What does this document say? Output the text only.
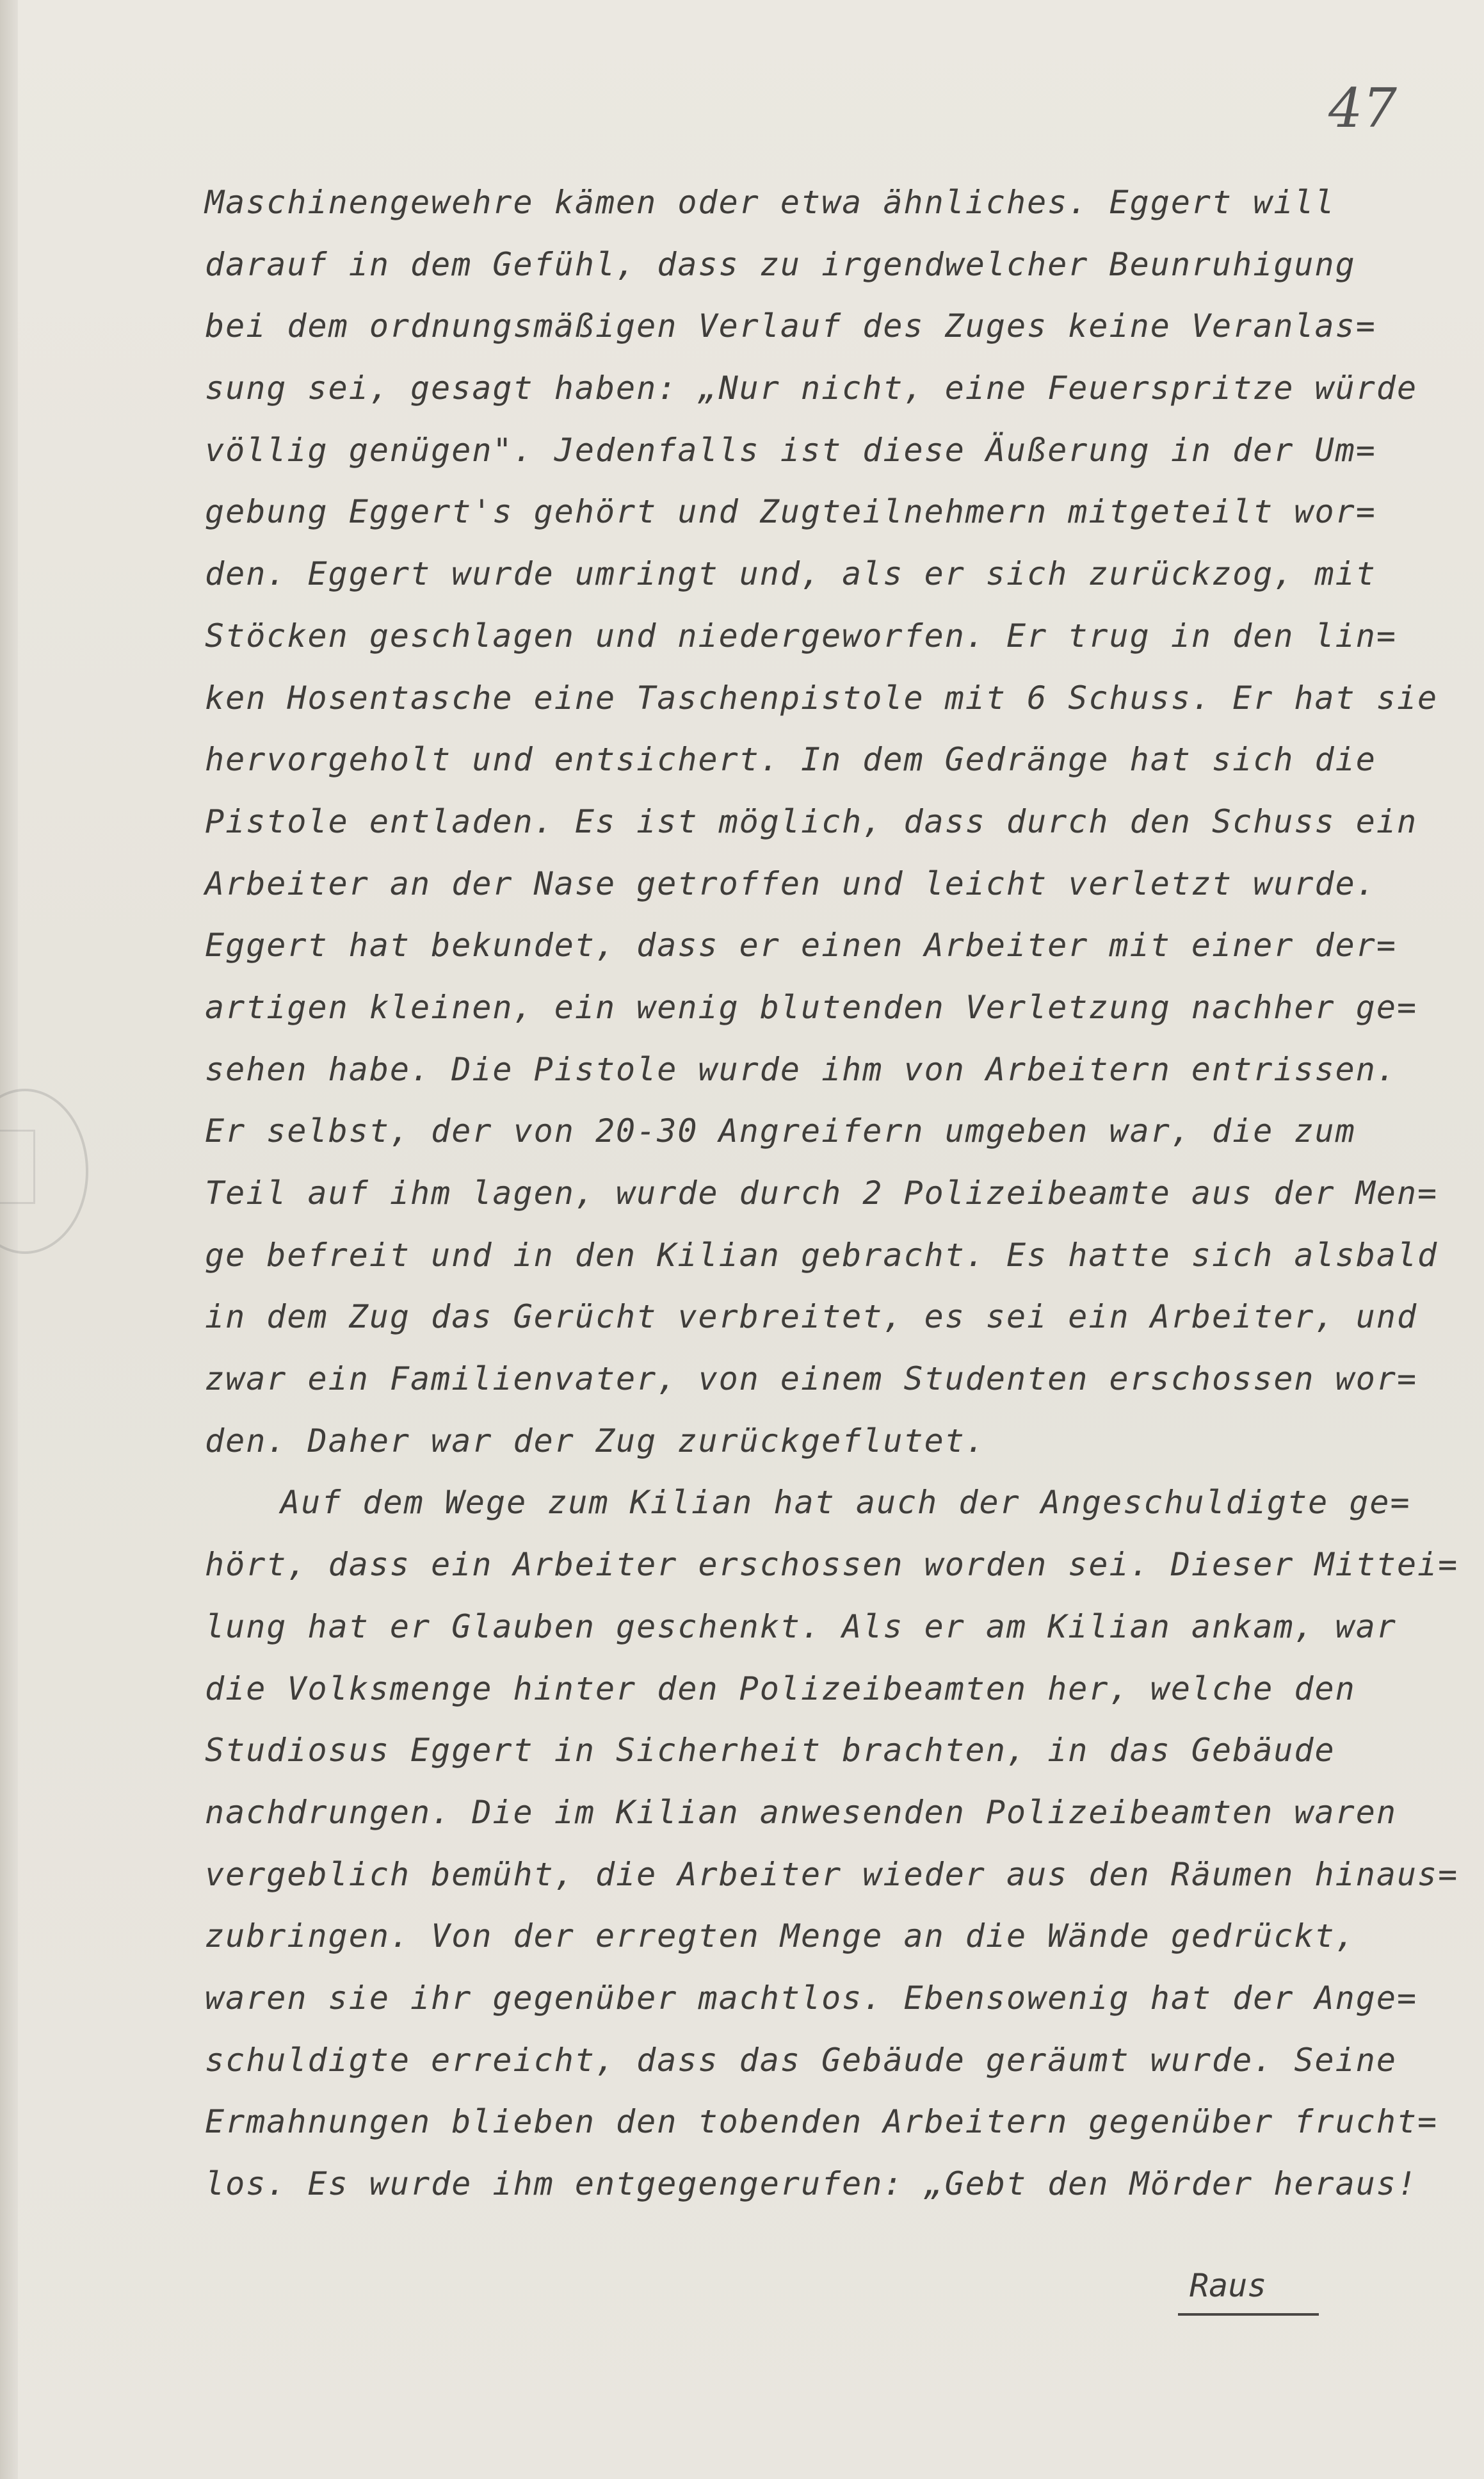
47
Maschinengewehre kämen oder etwa ähnliches. Eggert will
darauf in dem Gefühl, dass zu irgendwelcher Beunruhigung
bei dem ordnungsmäßigen Verlauf des Zuges keine Veranlas=
sung sei, gesagt haben: „Nur nicht, eine Feuerspritze würde
völlig genügen". Jedenfalls ist diese Äußerung in der Um=
gebung Eggert's gehört und Zugteilnehmern mitgeteilt wor=
den. Eggert wurde umringt und, als er sich zurückzog, mit
Stöcken geschlagen und niedergeworfen. Er trug in den lin=
ken Hosentasche eine Taschenpistole mit 6 Schuss. Er hat sie
hervorgeholt und entsichert. In dem Gedränge hat sich die
Pistole entladen. Es ist möglich, dass durch den Schuss ein
Arbeiter an der Nase getroffen und leicht verletzt wurde.
Eggert hat bekundet, dass er einen Arbeiter mit einer der=
artigen kleinen, ein wenig blutenden Verletzung nachher ge=
sehen habe. Die Pistole wurde ihm von Arbeitern entrissen.
Er selbst, der von 20-30 Angreifern umgeben war, die zum
Teil auf ihm lagen, wurde durch 2 Polizeibeamte aus der Men=
ge befreit und in den Kilian gebracht. Es hatte sich alsbald
in dem Zug das Gerücht verbreitet, es sei ein Arbeiter, und
zwar ein Familienvater, von einem Studenten erschossen wor=
den. Daher war der Zug zurückgeflutet.
Auf dem Wege zum Kilian hat auch der Angeschuldigte ge=
hört, dass ein Arbeiter erschossen worden sei. Dieser Mittei=
lung hat er Glauben geschenkt. Als er am Kilian ankam, war
die Volksmenge hinter den Polizeibeamten her, welche den
Studiosus Eggert in Sicherheit brachten, in das Gebäude
nachdrungen. Die im Kilian anwesenden Polizeibeamten waren
vergeblich bemüht, die Arbeiter wieder aus den Räumen hinaus=
zubringen. Von der erregten Menge an die Wände gedrückt,
waren sie ihr gegenüber machtlos. Ebensowenig hat der Ange=
schuldigte erreicht, dass das Gebäude geräumt wurde. Seine
Ermahnungen blieben den tobenden Arbeitern gegenüber frucht=
los. Es wurde ihm entgegengerufen: „Gebt den Mörder heraus!
Raus
